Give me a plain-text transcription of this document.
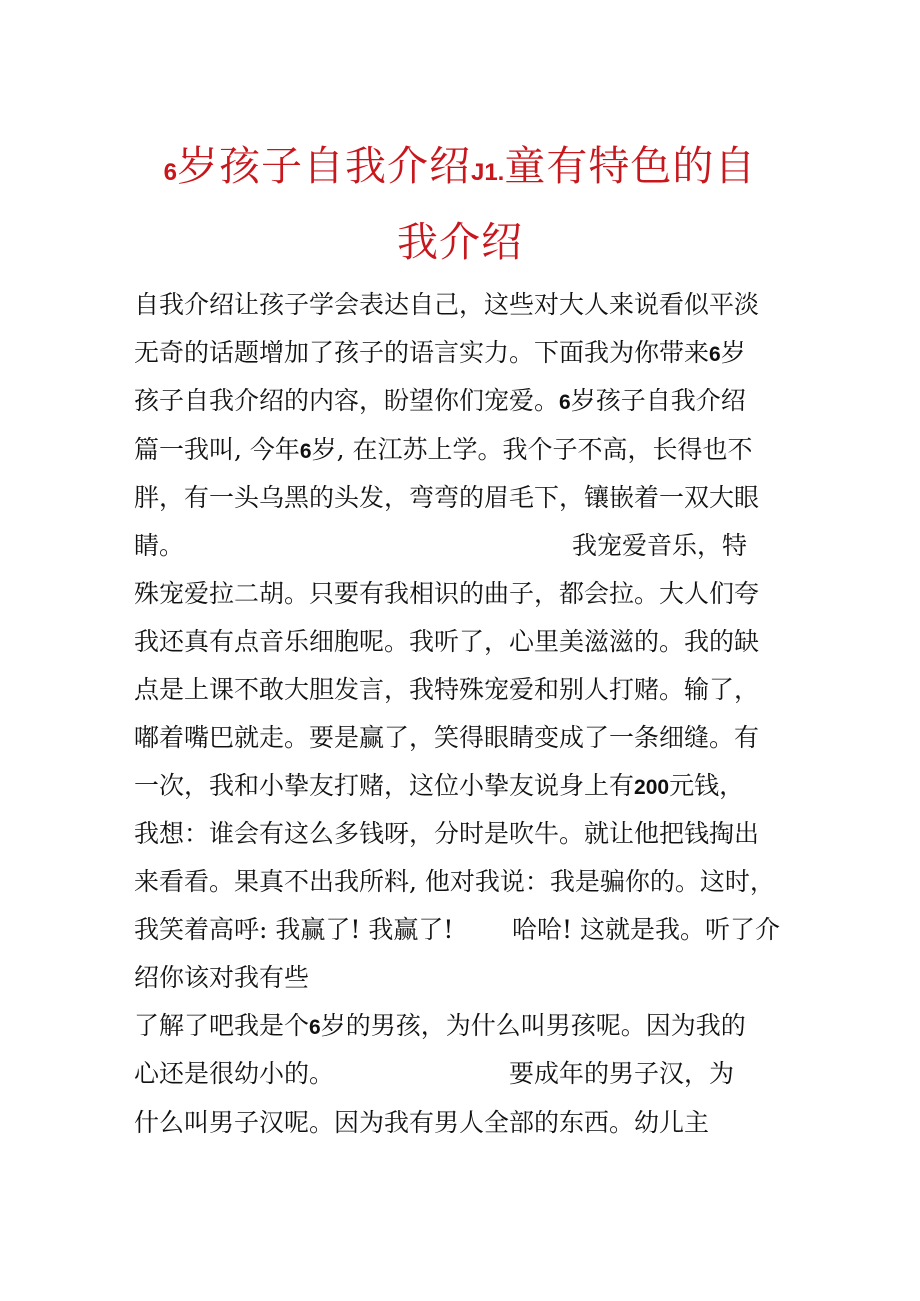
6岁孩子自我介绍J1.童有特色的自
我介绍
自我介绍让孩子学会表达自己，这些对大人来说看似平淡
无奇的话题增加了孩子的语言实力。下面我为你带来6岁
孩子自我介绍的内容，盼望你们宠爱。6岁孩子自我介绍
篇一我叫, 今年6岁, 在江苏上学。我个子不高，长得也不
胖，有一头乌黑的头发，弯弯的眉毛下，镶嵌着一双大眼
睛。	我宠爱音乐，特
殊宠爱拉二胡。只要有我相识的曲子，都会拉。大人们夸
我还真有点音乐细胞呢。我听了，心里美滋滋的。我的缺
点是上课不敢大胆发言，我特殊宠爱和别人打赌。输了，
嘟着嘴巴就走。要是赢了，笑得眼睛变成了一条细缝。有
一次，我和小挚友打赌，这位小挚友说身上有200元钱，
我想：谁会有这么多钱呀，分时是吹牛。就让他把钱掏出
来看看。果真不出我所料, 他对我说：我是骗你的。这时，
我笑着高呼: 我赢了! 我赢了! 哈哈! 这就是我。听了介
绍你该对我有些
了解了吧我是个6岁的男孩，为什么叫男孩呢。因为我的
心还是很幼小的。	要成年的男子汉，为
什么叫男子汉呢。因为我有男人全部的东西。幼儿主
